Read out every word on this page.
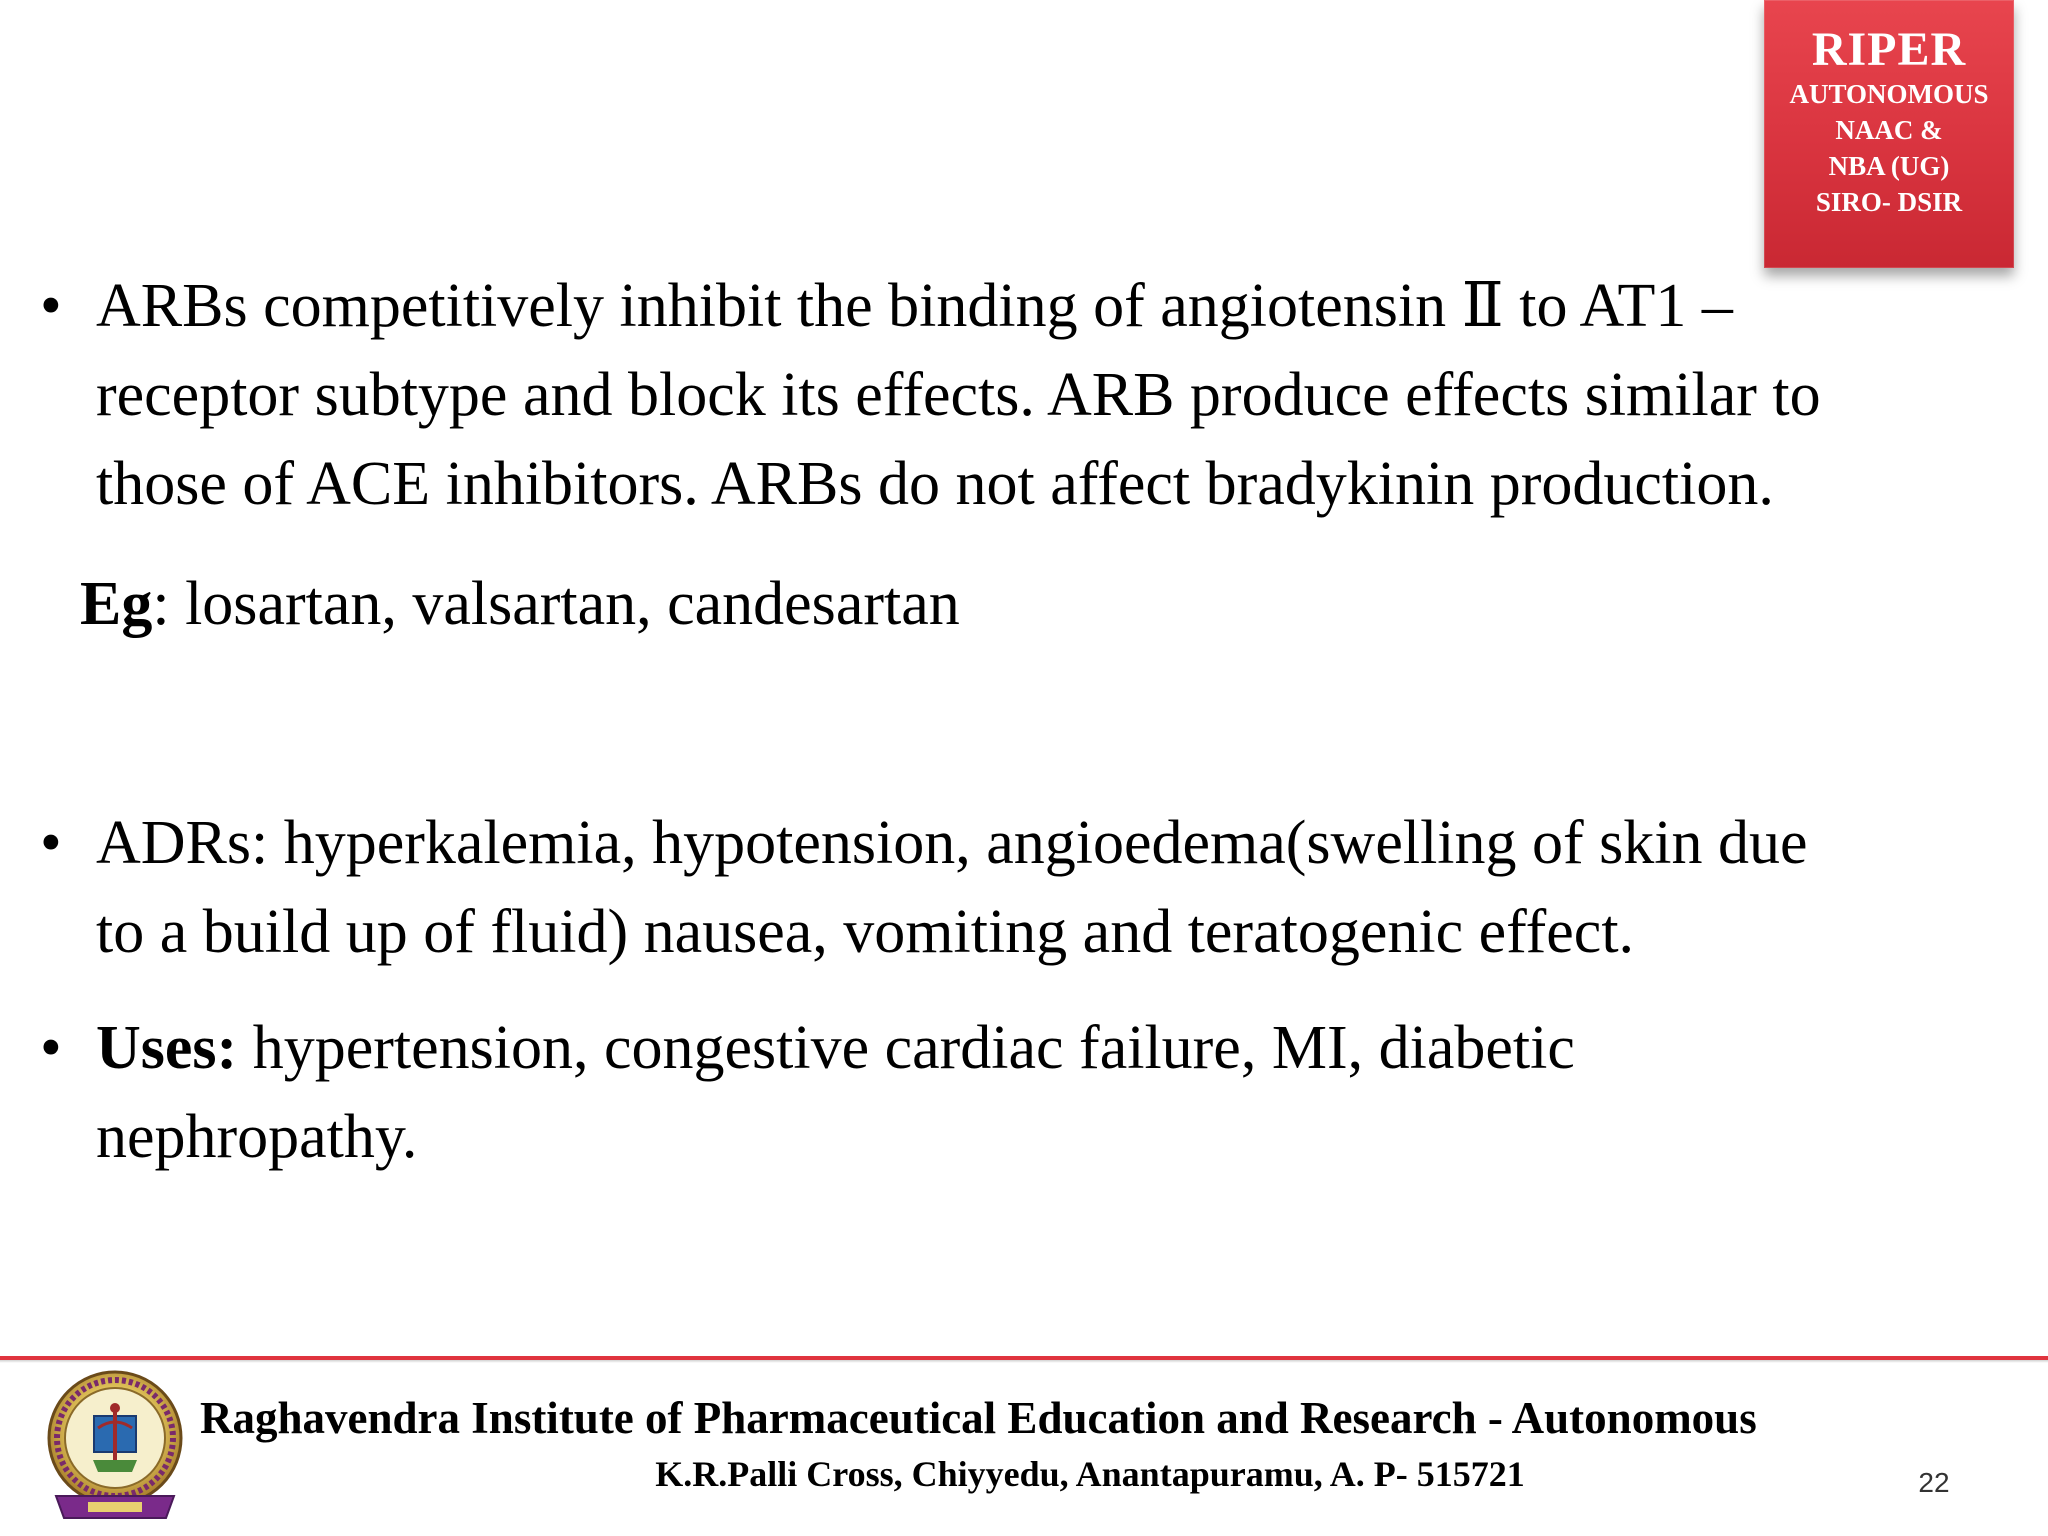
RIPER
AUTONOMOUS
NAAC &
NBA (UG)
SIRO- DSIR
• ARBs competitively inhibit the binding of angiotensin Ⅱ to AT1 –
receptor subtype and block its effects. ARB produce effects similar to
those of ACE inhibitors. ARBs do not affect bradykinin production.
Eg: losartan, valsartan, candesartan
• ADRs: hyperkalemia, hypotension, angioedema(swelling of skin due
to a build up of fluid) nausea, vomiting and teratogenic effect.
• Uses: hypertension, congestive cardiac failure, MI, diabetic
nephropathy.
Raghavendra Institute of Pharmaceutical Education and Research - Autonomous
K.R.Palli Cross, Chiyyedu, Anantapuramu, A. P- 515721	22
